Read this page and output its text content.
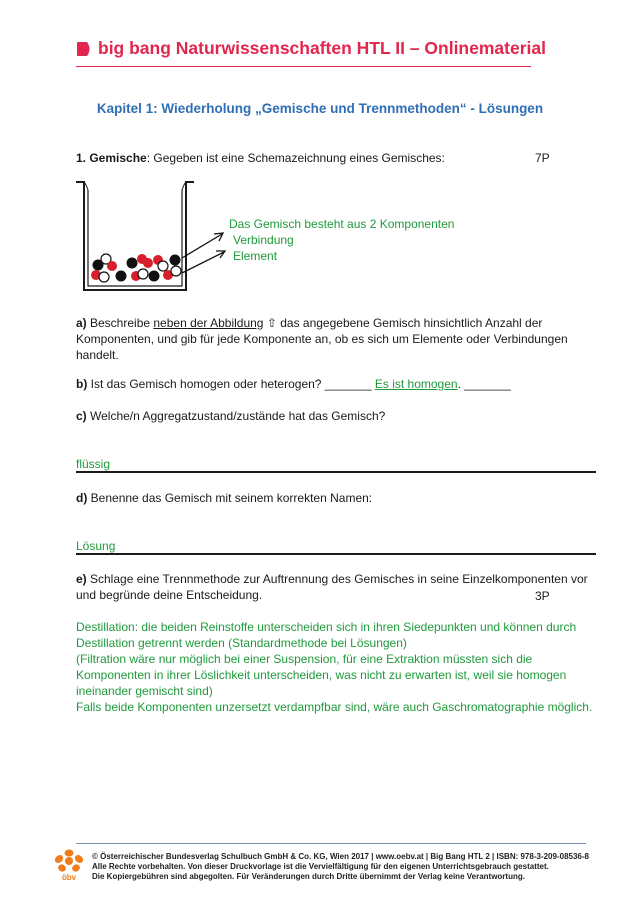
big bang Naturwissenschaften HTL II – Onlinematerial
Kapitel 1: Wiederholung „Gemische und Trennmethoden“ - Lösungen
1. Gemische: Gegeben ist eine Schemazeichnung eines Gemisches:	7P
Das Gemisch besteht aus 2 Komponenten
Verbindung
Element
a) Beschreibe neben der Abbildung ⇧ das angegebene Gemisch hinsichtlich Anzahl der
Komponenten, und gib für jede Komponente an, ob es sich um Elemente oder Verbindungen
handelt.
b) Ist das Gemisch homogen oder heterogen? _______ Es ist homogen. _______
c) Welche/n Aggregatzustand/zustände hat das Gemisch?
flüssig
d) Benenne das Gemisch mit seinem korrekten Namen:
Lösung
e) Schlage eine Trennmethode zur Auftrennung des Gemisches in seine Einzelkomponenten vor
und begründe deine Entscheidung.	3P
Destillation: die beiden Reinstoffe unterscheiden sich in ihren Siedepunkten und können durch
Destillation getrennt werden (Standardmethode bei Lösungen)
(Filtration wäre nur möglich bei einer Suspension, für eine Extraktion müssten sich die
Komponenten in ihrer Löslichkeit unterscheiden, was nicht zu erwarten ist, weil sie homogen
ineinander gemischt sind)
Falls beide Komponenten unzersetzt verdampfbar sind, wäre auch Gaschromatographie möglich.
öbv
© Österreichischer Bundesverlag Schulbuch GmbH & Co. KG, Wien 2017 | www.oebv.at | Big Bang HTL 2 | ISBN: 978-3-209-08536-8
Alle Rechte vorbehalten. Von dieser Druckvorlage ist die Vervielfältigung für den eigenen Unterrichtsgebrauch gestattet.
Die Kopiergebühren sind abgegolten. Für Veränderungen durch Dritte übernimmt der Verlag keine Verantwortung.
